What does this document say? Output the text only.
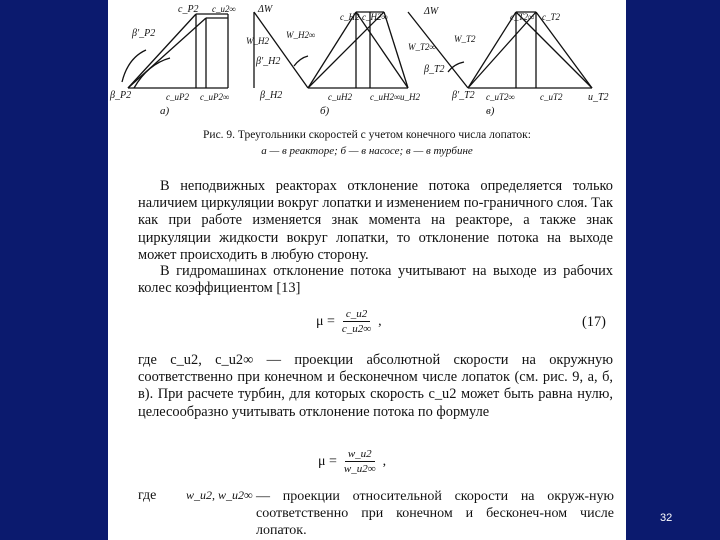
c_P2 c_u2∞
β'_P2
β_P2	c_uP2 c_uP2∞
a)
ΔW
c_H2 c_H2∞
W_H2
W_H2∞
β'_H2
β_H2	c_uH2 c_uH2∞ u_H2
б)
ΔW	c_T2∞ c_T2
W_T2∞
W_T2
β_T2
β'_T2 c_uT2∞	c_uT2	u_T2
в)
Рис. 9. Треугольники скоростей с учетом конечного числа лопаток:
а — в реакторе; б — в насосе; в — в турбине

В неподвижных реакторах отклонение потока определяется только наличием циркуляции вокруг лопатки и изменением по-граничного слоя. Так как при работе изменяется знак момента на реакторе, а также знак циркуляции жидкости вокруг лопатки, то отклонение потока на выходе может происходить в любую сторону.

В гидромашинах отклонение потока учитывают на выходе из рабочих колес коэффициентом [13]

$\mu = \frac{c\_u2}{c\_u2\infty}$ ,	(17)

где c_u2, c_u2∞ — проекции абсолютной скорости на окружную соответственно при конечном и бесконечном числе лопаток (см. рис. 9, а, б, в). При расчете турбин, для которых скорость c_u2 может быть равна нулю, целесообразно учитывать отклонение потока по формуле

$\mu = \frac{w\_u2}{w\_u2\infty}$ ,
где w_u2, w_u2∞ — проекции относительной скорости на окруж-ную соответственно при конечном и бесконеч-ном числе лопаток.
32
